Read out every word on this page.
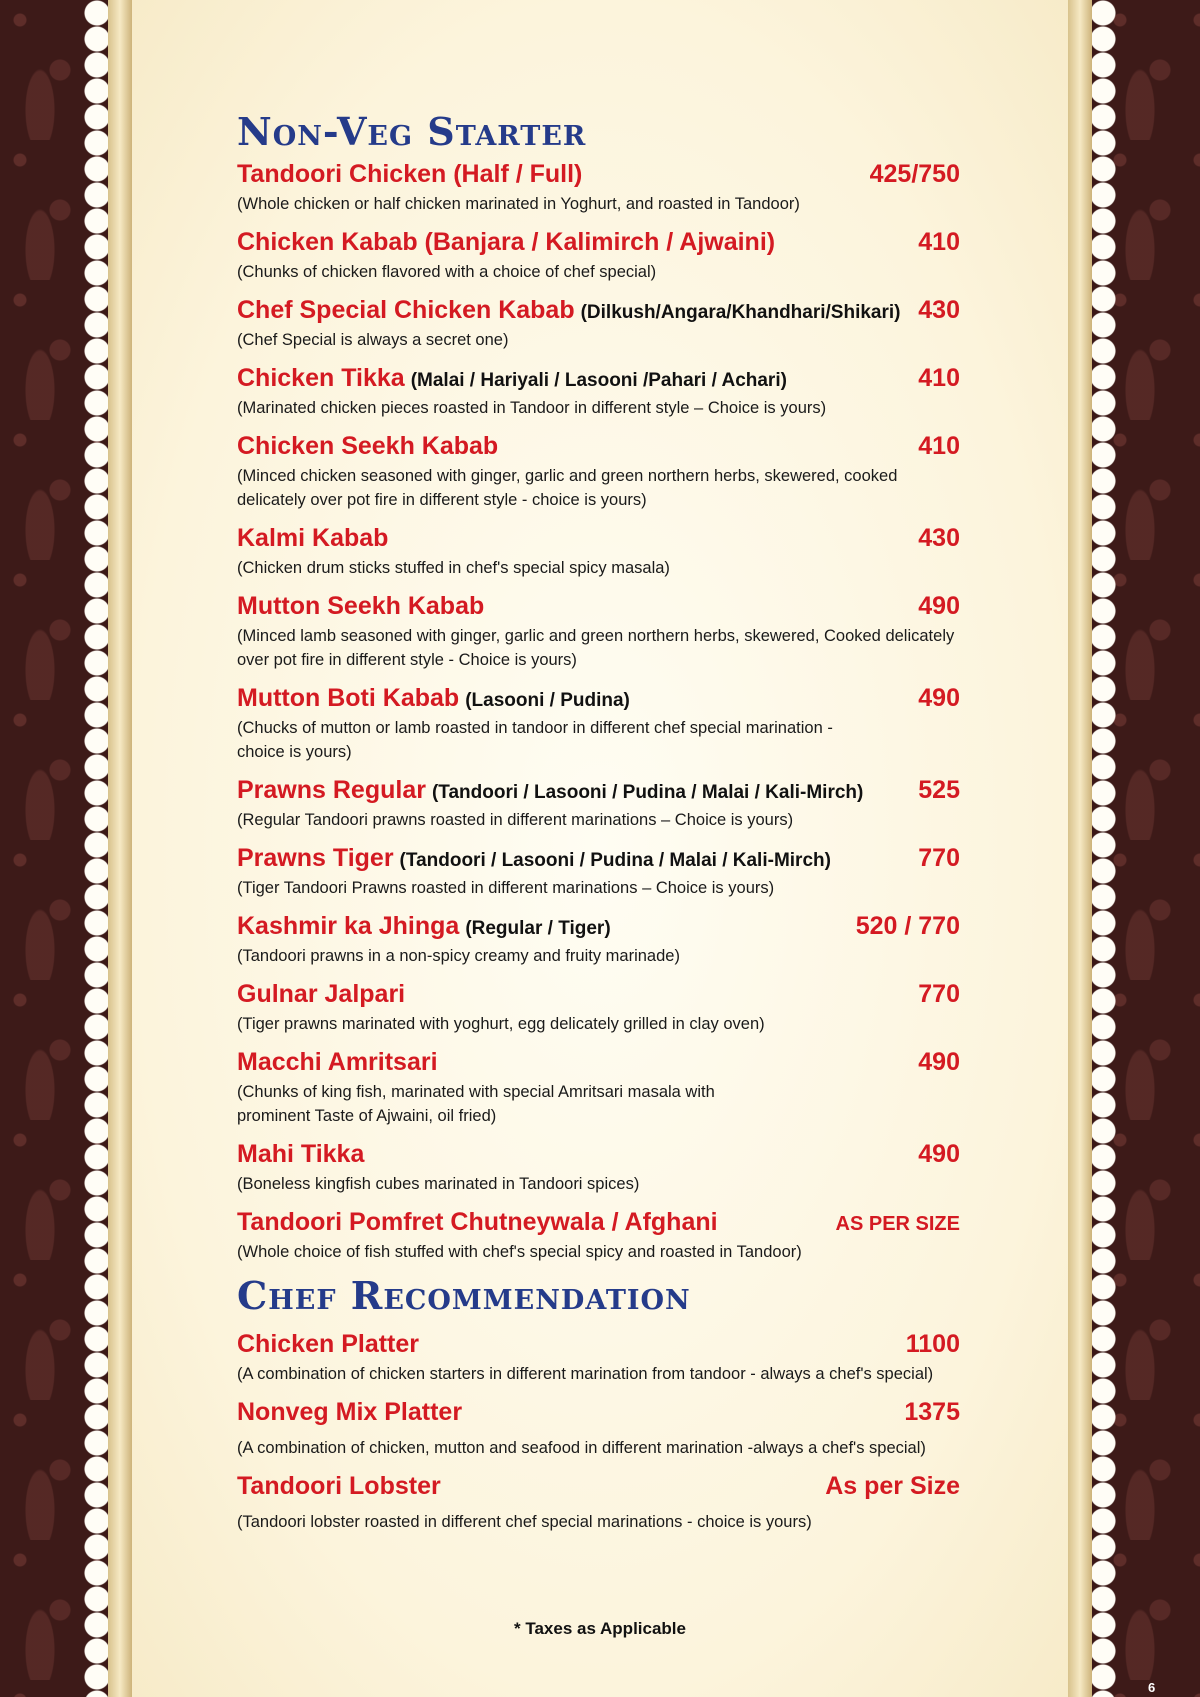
Non-Veg Starter
Tandoori Chicken (Half / Full)	425/750
(Whole chicken or half chicken marinated in Yoghurt, and roasted in Tandoor)
Chicken Kabab (Banjara / Kalimirch / Ajwaini)	410
(Chunks of chicken flavored with a choice of chef special)
Chef Special Chicken Kabab (Dilkush/Angara/Khandhari/Shikari) 430
(Chef Special is always a secret one)
Chicken Tikka (Malai / Hariyali / Lasooni /Pahari / Achari)	410
(Marinated chicken pieces roasted in Tandoor in different style – Choice is yours)
Chicken Seekh Kabab	410
(Minced chicken seasoned with ginger, garlic and green northern herbs, skewered, cooked delicately over pot fire in different style - choice is yours)
Kalmi Kabab	430
(Chicken drum sticks stuffed in chef's special spicy masala)
Mutton Seekh Kabab	490
(Minced lamb seasoned with ginger, garlic and green northern herbs, skewered, Cooked delicately over pot fire in different style - Choice is yours)
Mutton Boti Kabab (Lasooni / Pudina)	490
(Chucks of mutton or lamb roasted in tandoor in different chef special marination - choice is yours)
Prawns Regular (Tandoori / Lasooni / Pudina / Malai / Kali-Mirch) 525
(Regular Tandoori prawns roasted in different marinations – Choice is yours)
Prawns Tiger (Tandoori / Lasooni / Pudina / Malai / Kali-Mirch)	770
(Tiger Tandoori Prawns roasted in different marinations – Choice is yours)
Kashmir ka Jhinga (Regular / Tiger)	520 / 770
(Tandoori prawns in a non-spicy creamy and fruity marinade)
Gulnar Jalpari	770
(Tiger prawns marinated with yoghurt, egg delicately grilled in clay oven)
Macchi Amritsari	490
(Chunks of king fish, marinated with special Amritsari masala with prominent Taste of Ajwaini, oil fried)
Mahi Tikka	490
(Boneless kingfish cubes marinated in Tandoori spices)
Tandoori Pomfret Chutneywala / Afghani	AS PER SIZE
(Whole choice of fish stuffed with chef's special spicy and roasted in Tandoor)
Chef Recommendation
Chicken Platter	1100
(A combination of chicken starters in different marination from tandoor - always a chef's special)
Nonveg Mix Platter	1375
(A combination of chicken, mutton and seafood in different marination -always a chef's special)
Tandoori Lobster	As per Size
(Tandoori lobster roasted in different chef special marinations - choice is yours)
* Taxes as Applicable
6
